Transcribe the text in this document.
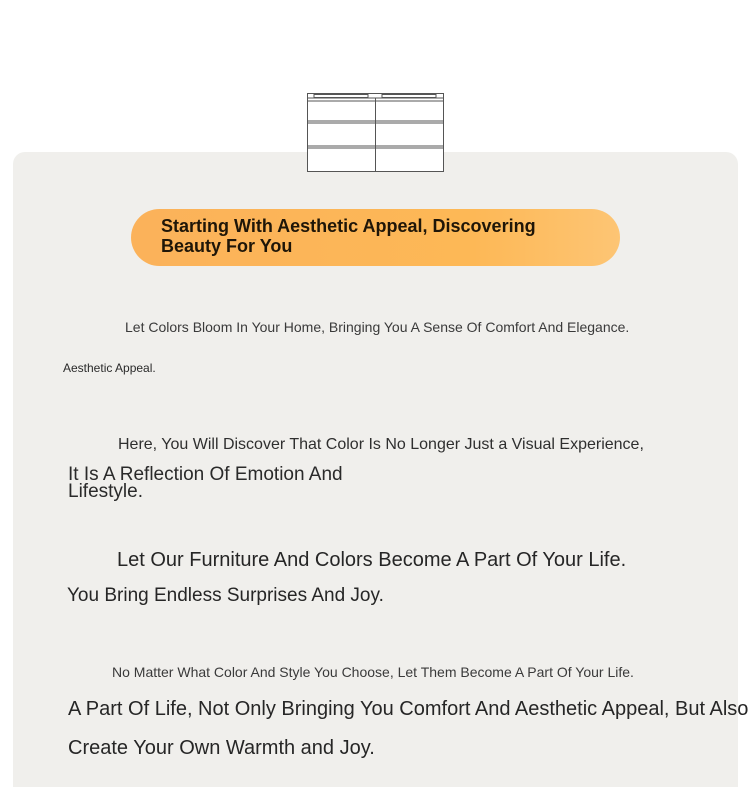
Starting With Aesthetic Appeal, Discovering Beauty For You

Let Colors Bloom In Your Home, Bringing You A Sense Of Comfort And Elegance.

Aesthetic Appeal.

Here, You Will Discover That Color Is No Longer Just a Visual Experience,

It Is A Reflection Of Emotion And Lifestyle.

Let Our Furniture And Colors Become A Part Of Your Life.

You Bring Endless Surprises And Joy.

No Matter What Color And Style You Choose, Let Them Become A Part Of Your Life.

A Part Of Life, Not Only Bringing You Comfort And Aesthetic Appeal, But Also

Create Your Own Warmth and Joy.
